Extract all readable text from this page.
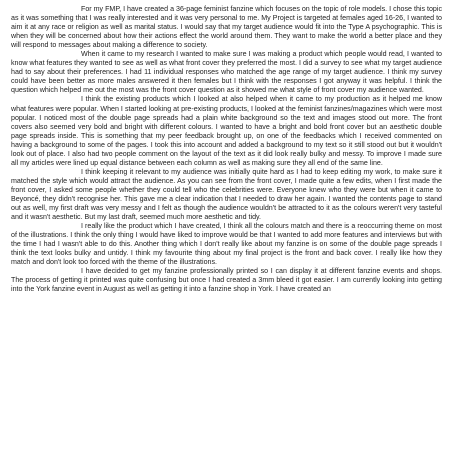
For my FMP, I have created a 36-page feminist fanzine which focuses on the topic of role models. I chose this topic as it was something that I was really interested and it was very personal to me. My Project is targeted at females aged 16-26, I wanted to aim it at any race or religion as well as marital status. I would say that my target audience would fit into the Type A psychographic. This is when they will be concerned about how their actions effect the world around them. They want to make the world a better place and they will respond to messages about making a difference to society.

When it came to my research I wanted to make sure I was making a product which people would read, I wanted to know what features they wanted to see as well as what front cover they preferred the most. I did a survey to see what my target audience had to say about their preferences. I had 11 individual responses who matched the age range of my target audience. I think my survey could have been better as more males answered it then females but I think with the responses I got anyway it was helpful. I think the question which helped me out the most was the front cover question as it showed me what style of front cover my audience wanted.

I think the existing products which I looked at also helped when it came to my production as it helped me know what features were popular. When I started looking at pre-existing products, I looked at the feminist fanzines/magazines which were most popular. I noticed most of the double page spreads had a plain white background so the text and images stood out more. The front covers also seemed very bold and bright with different colours. I wanted to have a bright and bold front cover but an aesthetic double page spreads inside. This is something that my peer feedback brought up, on one of the feedbacks which I received commented on having a background to some of the pages. I took this into account and added a background to my text so it still stood out but it wouldn't look out of place. I also had two people comment on the layout of the text as it did look really bulky and messy. To improve I made sure all my articles were lined up equal distance between each column as well as making sure they all end of the same line.

I think keeping it relevant to my audience was initially quite hard as I had to keep editing my work, to make sure it matched the style which would attract the audience. As you can see from the front cover, I made quite a few edits, when I first made the front cover, I asked some people whether they could tell who the celebrities were. Everyone knew who they were but when it came to Beyoncé, they didn't recognise her. This gave me a clear indication that I needed to draw her again. I wanted the contents page to stand out as well, my first draft was very messy and I felt as though the audience wouldn't be attracted to it as the colours weren't very tasteful and it wasn't aesthetic. But my last draft, seemed much more aesthetic and tidy.

I really like the product which I have created, I think all the colours match and there is a reoccurring theme on most of the illustrations. I think the only thing I would have liked to improve would be that I wanted to add more features and interviews but with the time I had I wasn't able to do this. Another thing which I don't really like about my fanzine is on some of the double page spreads I think the text looks bulky and untidy. I think my favourite thing about my final project is the front and back cover. I really like how they match and don't look too forced with the theme of the illustrations.

I have decided to get my fanzine professionally printed so I can display it at different fanzine events and shops. The process of getting it printed was quite confusing but once I had created a 3mm bleed it got easier. I am currently looking into getting into the York fanzine event in August as well as getting it into a fanzine shop in York. I have created an
